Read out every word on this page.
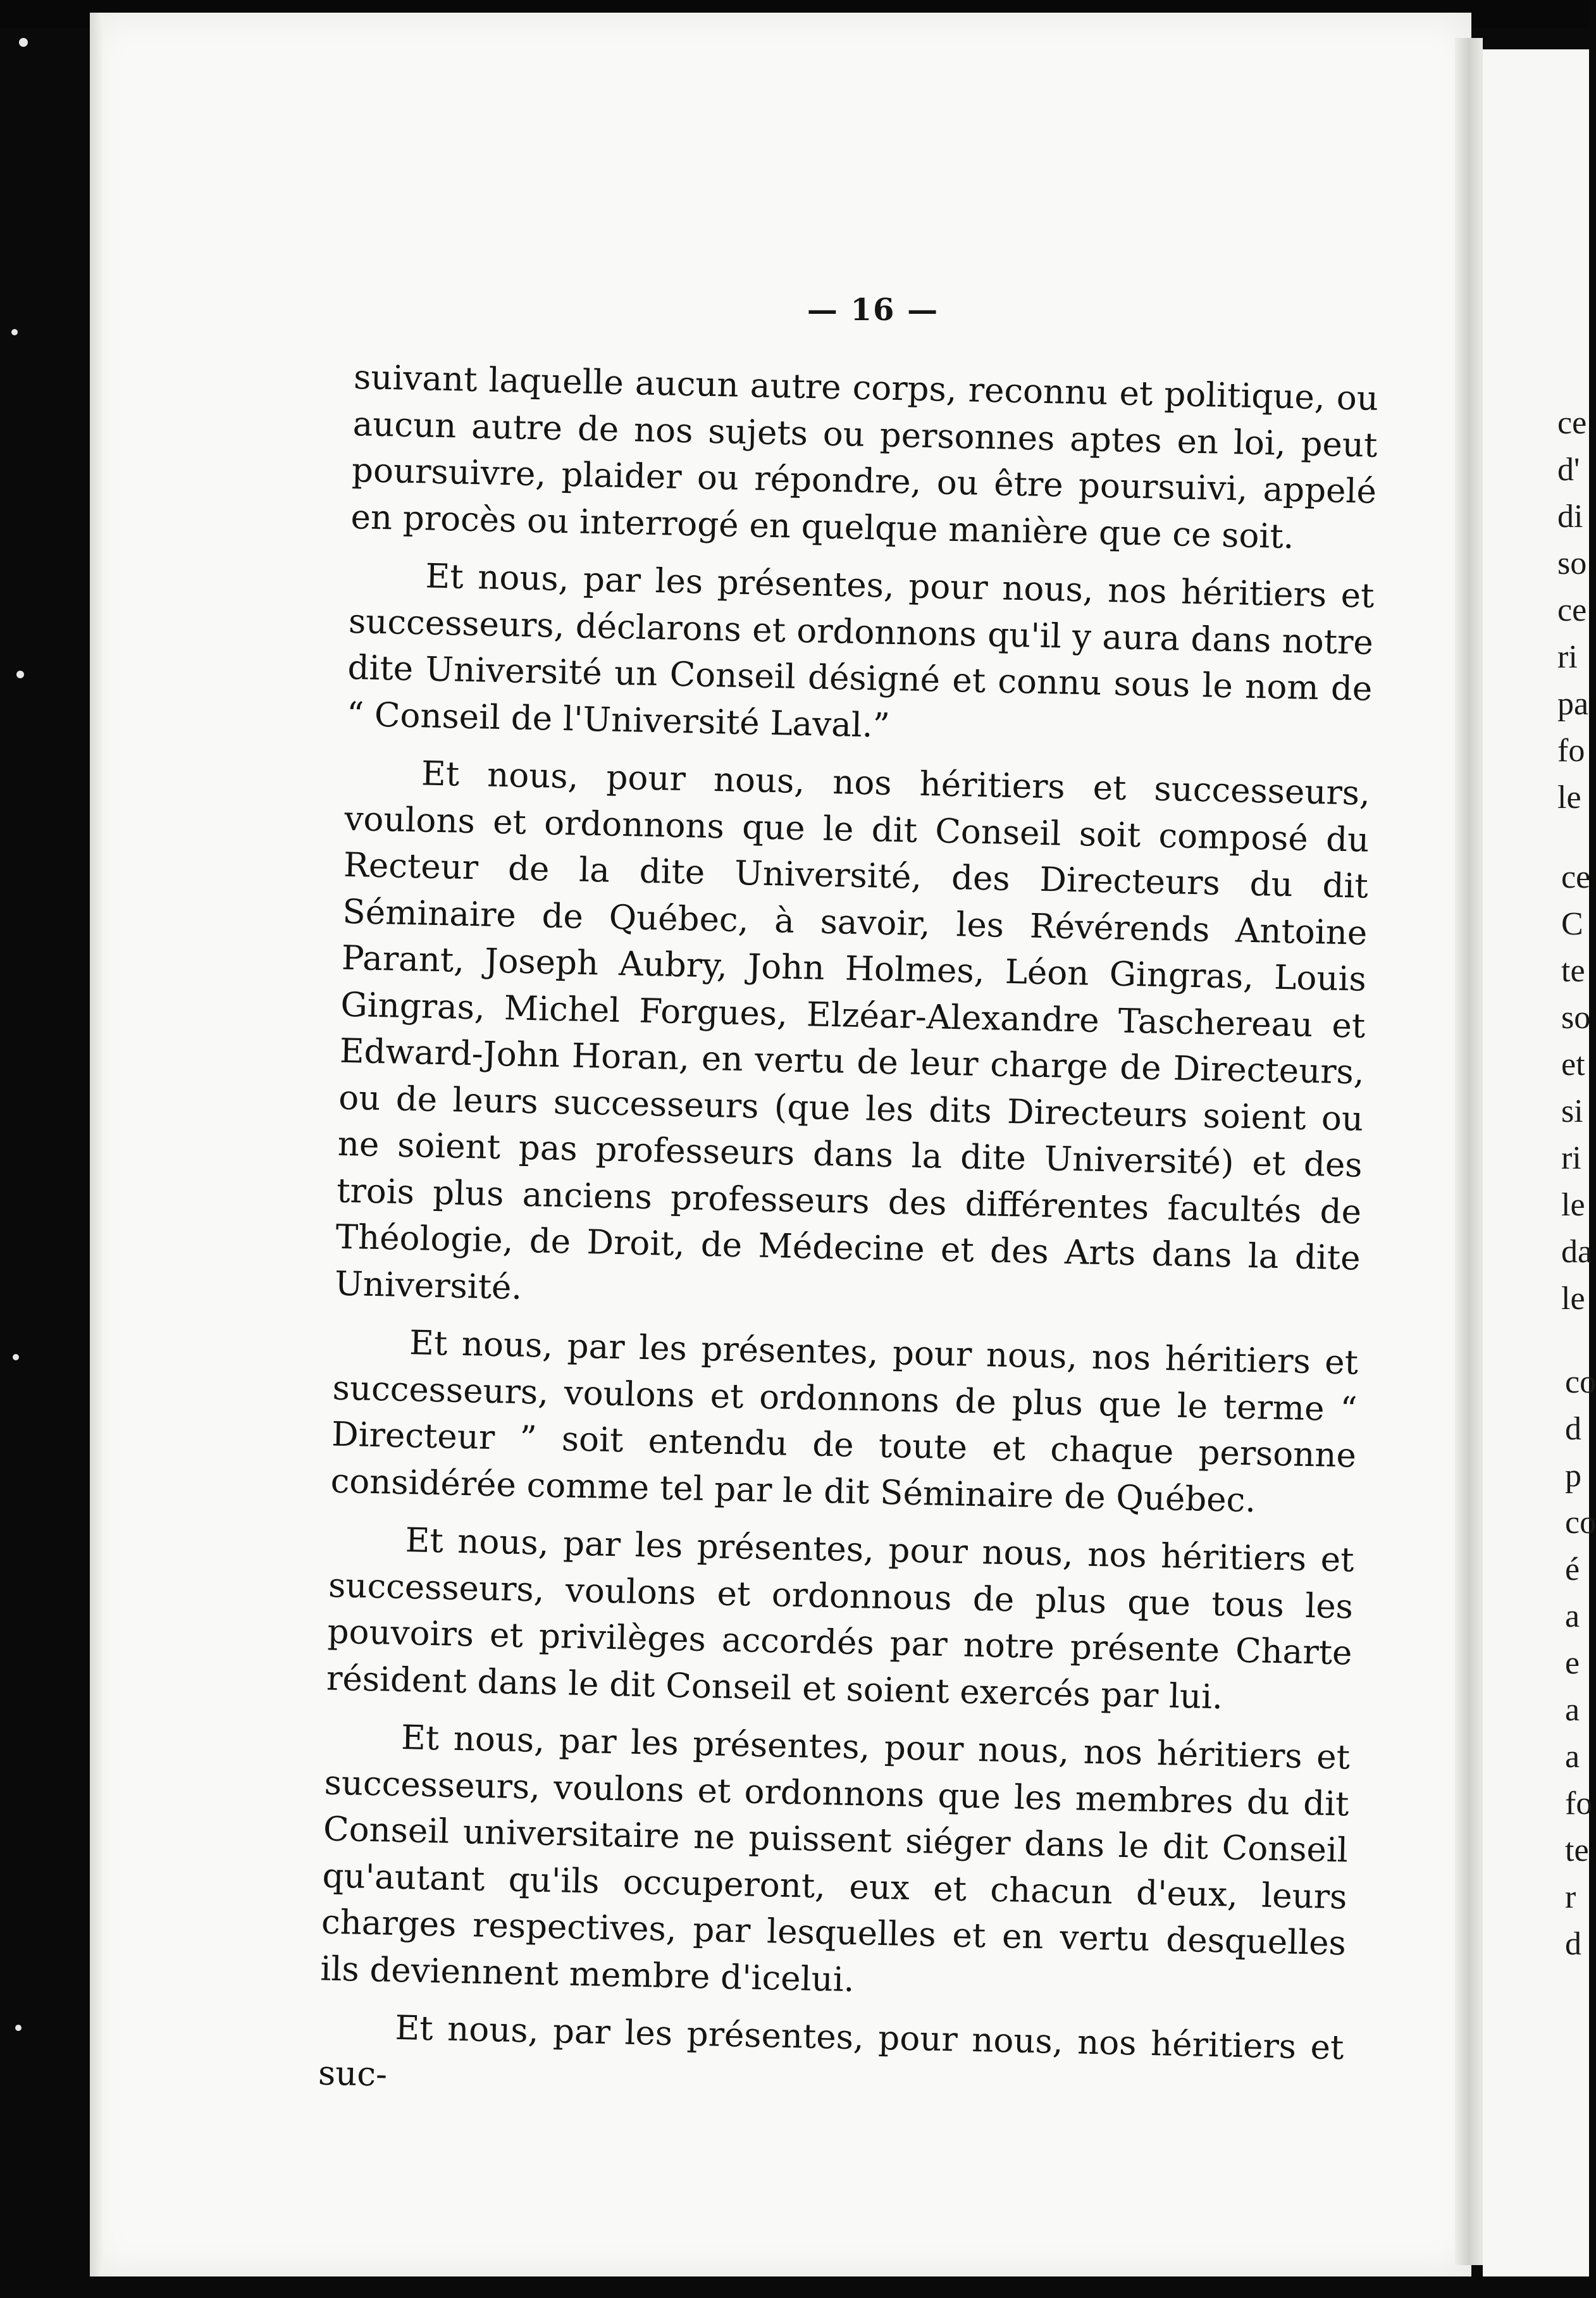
— 16 —

suivant laquelle aucun autre corps, reconnu et politique, ou aucun autre de nos sujets ou personnes aptes en loi, peut poursuivre, plaider ou répondre, ou être poursuivi, appelé en procès ou interrogé en quelque manière que ce soit.

Et nous, par les présentes, pour nous, nos héritiers et successeurs, déclarons et ordonnons qu'il y aura dans notre dite Université un Conseil désigné et connu sous le nom de “ Conseil de l'Université Laval.”

Et nous, pour nous, nos héritiers et successeurs, voulons et ordonnons que le dit Conseil soit composé du Recteur de la dite Université, des Directeurs du dit Séminaire de Québec, à savoir, les Révérends Antoine Parant, Joseph Aubry, John Holmes, Léon Gingras, Louis Gingras, Michel Forgues, Elzéar-Alexandre Taschereau et Edward-John Horan, en vertu de leur charge de Directeurs, ou de leurs successeurs (que les dits Directeurs soient ou ne soient pas professeurs dans la dite Université) et des trois plus anciens professeurs des différentes facultés de Théologie, de Droit, de Médecine et des Arts dans la dite Université.

Et nous, par les présentes, pour nous, nos héritiers et successeurs, voulons et ordonnons de plus que le terme “ Directeur ” soit entendu de toute et chaque personne considérée comme tel par le dit Séminaire de Québec.

Et nous, par les présentes, pour nous, nos héritiers et successeurs, voulons et ordonnous de plus que tous les pouvoirs et privilèges accordés par notre présente Charte résident dans le dit Conseil et soient exercés par lui.

Et nous, par les présentes, pour nous, nos héritiers et successeurs, voulons et ordonnons que les membres du dit Conseil universitaire ne puissent siéger dans le dit Conseil qu'autant qu'ils occuperont, eux et chacun d'eux, leurs charges respectives, par lesquelles et en vertu desquelles ils deviennent membre d'icelui.

Et nous, par les présentes, pour nous, nos héritiers et suc-

ce
d'
di
so
ce
ri
pa
fo
le
ce
C
te
so
et
si
ri
le
da
le
co
d
p
co
é
a
e
a
a
fo
te
r
d
